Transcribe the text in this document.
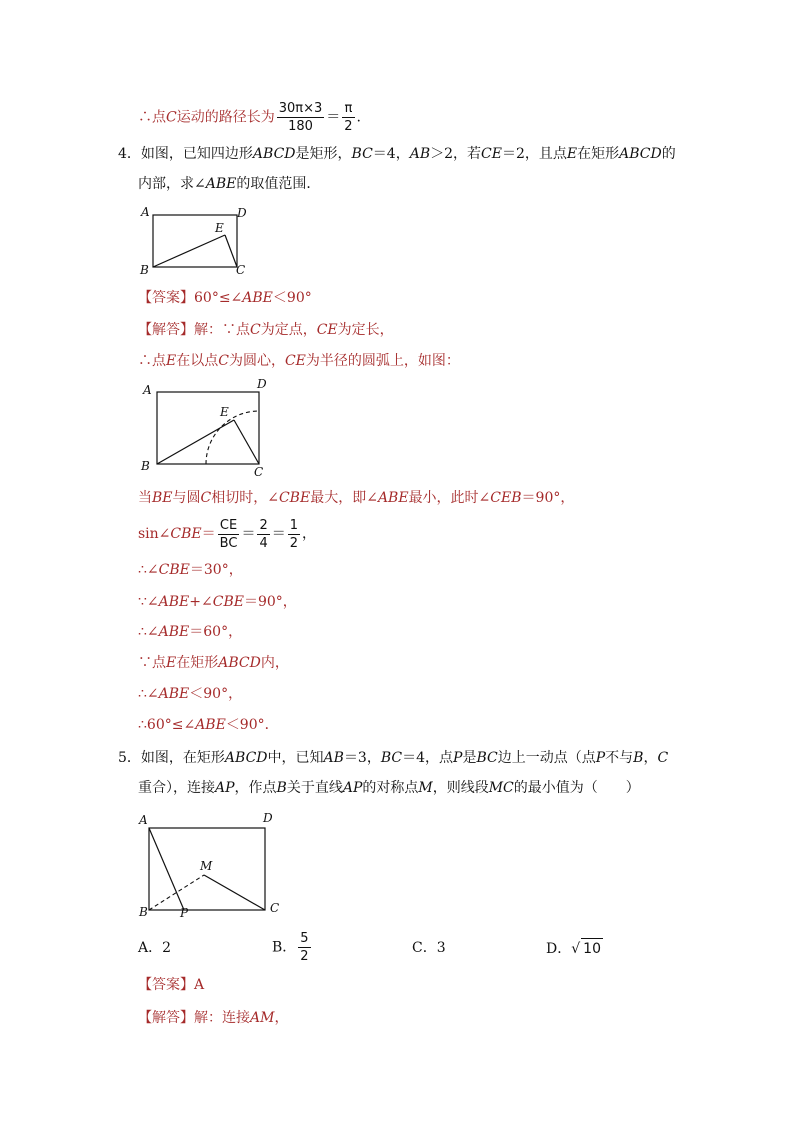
∴点C运动的路径长为 $\frac{30\pi\times 3}{180} = \frac{\pi}{2}$ .
4．如图，已知四边形ABCD是矩形，BC＝4，AB＞2，若CE＝2，且点E在矩形ABCD的
内部，求∠ABE的取值范围．
A	D
E
B	C
【答案】60°≤∠ABE＜90°
【解答】解：∵点C为定点，CE为定长，
∴点E在以点C为圆心，CE为半径的圆弧上，如图：
A	D
E
B	C
当BE与圆C相切时，∠CBE最大，即∠ABE最小，此时∠CEB＝90°，
sin∠CBE＝ $\frac{CE}{BC} = \frac{2}{4} = \frac{1}{2}$ ，
∴∠CBE＝30°，
∵∠ABE+∠CBE＝90°，
∴∠ABE＝60°，
∵点E在矩形ABCD内，
∴∠ABE＜90°，
∴60°≤∠ABE＜90°．
5．如图，在矩形ABCD中，已知AB＝3，BC＝4，点P是BC边上一动点（点P不与B，C
重合），连接AP，作点B关于直线AP的对称点M，则线段MC的最小值为（　　）
A	D
M
B	P	C
A．2	B． $\frac{5}{2}$	C．3	D．√ 10
【答案】A
【解答】解：连接AM，
